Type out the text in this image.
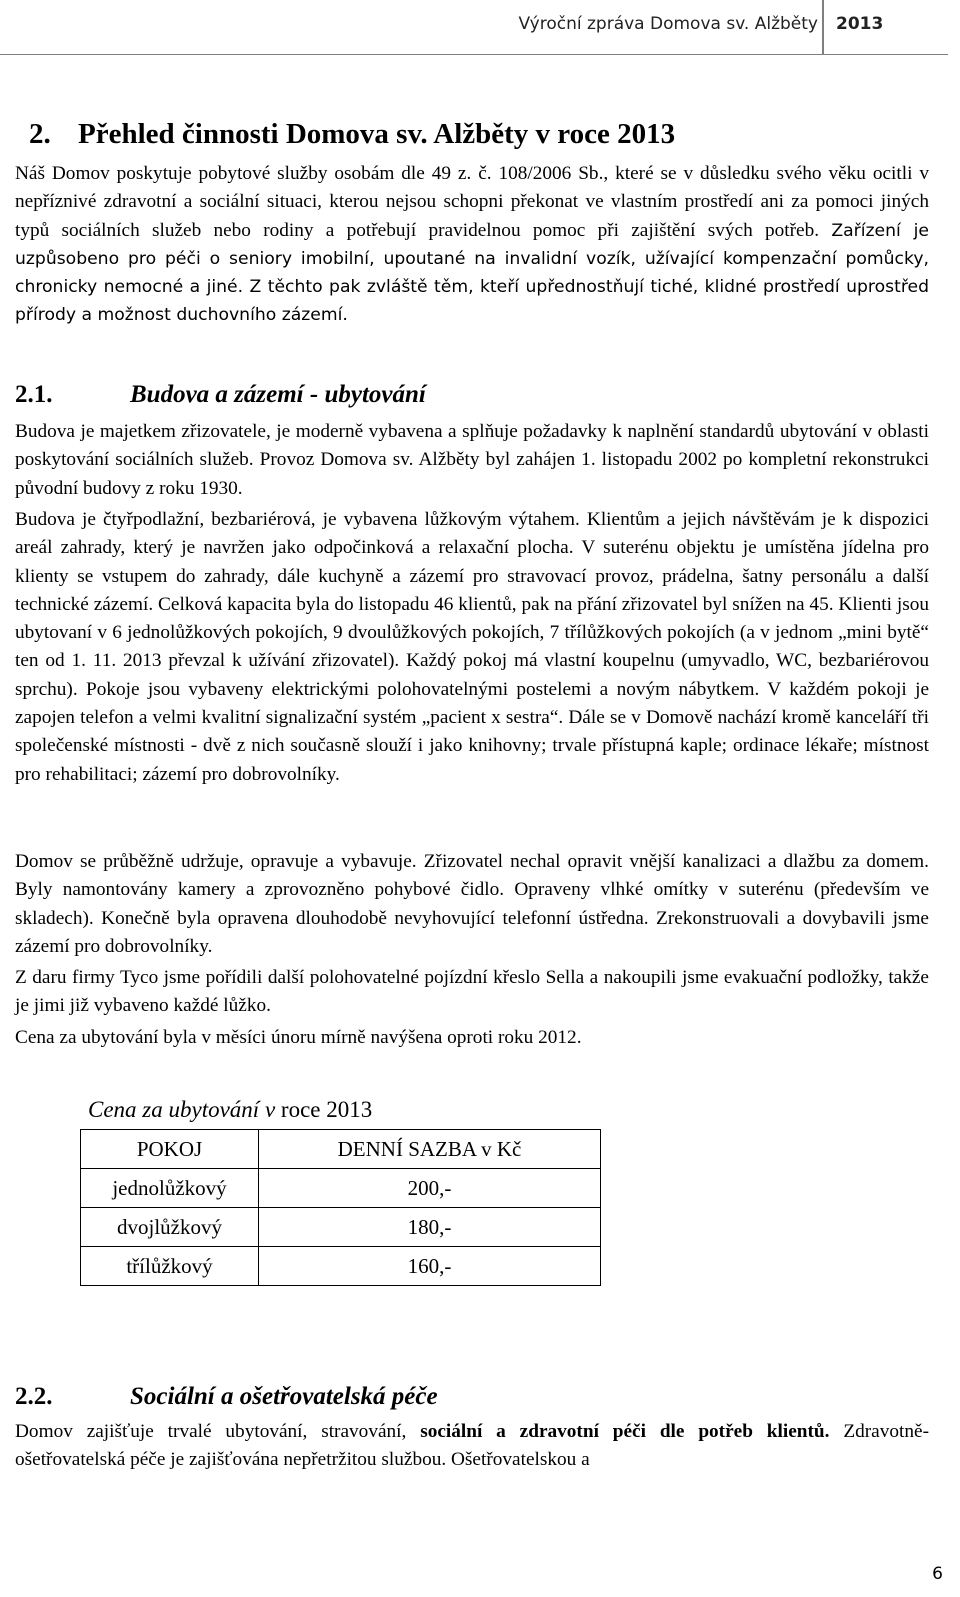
Výroční zpráva Domova sv. Alžběty 2013
2. Přehled činnosti Domova sv. Alžběty v roce 2013

Náš Domov poskytuje pobytové služby osobám dle 49 z. č. 108/2006 Sb., které se v důsledku svého věku ocitli v nepříznivé zdravotní a sociální situaci, kterou nejsou schopni překonat ve vlastním prostředí ani za pomoci jiných typů sociálních služeb nebo rodiny a potřebují pravidelnou pomoc při zajištění svých potřeb. Zařízení je uzpůsobeno pro péči o seniory imobilní, upoutané na invalidní vozík, užívající kompenzační pomůcky, chronicky nemocné a jiné. Z těchto pak zvláště těm, kteří upřednostňují tiché, klidné prostředí uprostřed přírody a možnost duchovního zázemí.

2.1.	Budova a zázemí - ubytování

Budova je majetkem zřizovatele, je moderně vybavena a splňuje požadavky k naplnění standardů ubytování v oblasti poskytování sociálních služeb. Provoz Domova sv. Alžběty byl zahájen 1. listopadu 2002 po kompletní rekonstrukci původní budovy z roku 1930.

Budova je čtyřpodlažní, bezbariérová, je vybavena lůžkovým výtahem. Klientům a jejich návštěvám je k dispozici areál zahrady, který je navržen jako odpočinková a relaxační plocha. V suterénu objektu je umístěna jídelna pro klienty se vstupem do zahrady, dále kuchyně a zázemí pro stravovací provoz, prádelna, šatny personálu a další technické zázemí. Celková kapacita byla do listopadu 46 klientů, pak na přání zřizovatel byl snížen na 45. Klienti jsou ubytovaní v 6 jednolůžkových pokojích, 9 dvoulůžkových pokojích, 7 třílůžkových pokojích (a v jednom „mini bytě“ ten od 1. 11. 2013 převzal k užívání zřizovatel). Každý pokoj má vlastní koupelnu (umyvadlo, WC, bezbariérovou sprchu). Pokoje jsou vybaveny elektrickými polohovatelnými postelemi a novým nábytkem. V každém pokoji je zapojen telefon a velmi kvalitní signalizační systém „pacient x sestra“. Dále se v Domově nachází kromě kanceláří tři společenské místnosti - dvě z nich současně slouží i jako knihovny; trvale přístupná kaple; ordinace lékaře; místnost pro rehabilitaci; zázemí pro dobrovolníky.

Domov se průběžně udržuje, opravuje a vybavuje. Zřizovatel nechal opravit vnější kanalizaci a dlažbu za domem. Byly namontovány kamery a zprovozněno pohybové čidlo. Opraveny vlhké omítky v suterénu (především ve skladech). Konečně byla opravena dlouhodobě nevyhovující telefonní ústředna. Zrekonstruovali a dovybavili jsme zázemí pro dobrovolníky.

Z daru firmy Tyco jsme pořídili další polohovatelné pojízdní křeslo Sella a nakoupili jsme evakuační podložky, takže je jimi již vybaveno každé lůžko.

Cena za ubytování byla v měsíci únoru mírně navýšena oproti roku 2012.

Cena za ubytování v roce 2013
POKOJ	DENNÍ SAZBA v Kč
jednolůžkový	200,-
dvojlůžkový	180,-
třílůžkový	160,-
2.2.	Sociální a ošetřovatelská péče

Domov zajišťuje trvalé ubytování, stravování, sociální a zdravotní péči dle potřeb klientů. Zdravotně-ošetřovatelská péče je zajišťována nepřetržitou službou. Ošetřovatelskou a

6
